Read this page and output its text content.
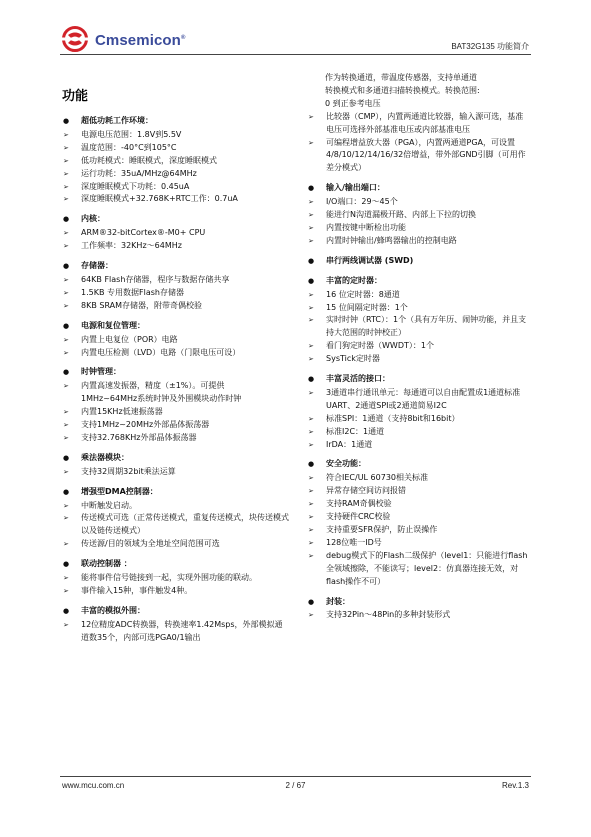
Cmsemicon®
BAT32G135 功能简介
功能
●	超低功耗工作环境：
➢	电源电压范围：1.8V到5.5V
➢	温度范围：-40°C到105°C
➢	低功耗模式：睡眠模式，深度睡眠模式
➢	运行功耗：35uA/MHz@64MHz
➢	深度睡眠模式下功耗：0.45uA
➢	深度睡眠模式+32.768K+RTC工作：0.7uA
●	内核：
➢	ARM®32-bitCortex®-M0+ CPU
➢	工作频率：32KHz～64MHz
●	存储器：
➢	64KB Flash存储器，程序与数据存储共享
➢	1.5KB 专用数据Flash存储器
➢	8KB SRAM存储器，附带奇偶校验
●	电源和复位管理：
➢	内置上电复位（POR）电路
➢	内置电压检测（LVD）电路（门限电压可设）
●	时钟管理：
➢	内置高速发振器，精度（±1%）。可提供
1MHz~64MHz系统时钟及外围模块动作时钟
➢	内置15KHz低速振荡器
➢	支持1MHz~20MHz外部晶体振荡器
➢	支持32.768KHz外部晶体振荡器
●	乘法器模块：
➢	支持32周期32bit乘法运算
●	增强型DMA控制器：
➢	中断触发启动。
➢	传送模式可选（正常传送模式，重复传送模式，块传送模式以及链传送模式）
➢	传送源/目的领域为全地址空间范围可选
●	联动控制器 ：
➢	能将事件信号链接到一起，实现外围功能的联动。
➢	事件输入15种，事件触发4种。
●	丰富的模拟外围：
➢	12位精度ADC转换器，转换速率1.42Msps，外部模拟通道数35个，内部可选PGA0/1输出
作为转换通道，带温度传感器，支持单通道
转换模式和多通道扫描转换模式。转换范围:
0 到正参考电压
➢	比较器（CMP），内置两通道比较器，输入源可选，基准电压可选择外部基准电压或内部基准电压
➢	可编程增益放大器（PGA），内置两通道PGA，可设置4/8/10/12/14/16/32倍增益，带外部GND引脚（可用作差分模式）
●	输入/输出端口：
➢	I/O端口：29～45个
➢	能进行N沟道漏极开路、内部上下拉的切换
➢	内置按键中断检出功能
➢	内置时钟输出/蜂鸣器输出的控制电路
●	串行两线调试器 (SWD)
●	丰富的定时器：
➢	16 位定时器：8通道
➢	15 位间隔定时器：1个
➢	实时时钟（RTC）：1个（具有万年历、闹钟功能，并且支持大范围的时钟校正）
➢	看门狗定时器（WWDT）：1个
➢	SysTick定时器
●	丰富灵活的接口：
➢	3通道串行通讯单元：每通道可以自由配置成1通道标准UART、2通道SPI或2通道简易I2C
➢	标准SPI：1通道（支持8bit和16bit）
➢	标准I2C：1通道
➢	IrDA：1通道
●	安全功能：
➢	符合IEC/UL 60730相关标准
➢	异常存储空间访问报错
➢	支持RAM奇偶校验
➢	支持硬件CRC校验
➢	支持重要SFR保护，防止误操作
➢	128位唯一ID号
➢	debug模式下的Flash二级保护（level1：只能进行flash全领域擦除，不能读写；level2：仿真器连接无效，对flash操作不可）
●	封装：
➢	支持32Pin～48Pin的多种封装形式
www.mcu.com.cn	2 / 67	Rev.1.3
